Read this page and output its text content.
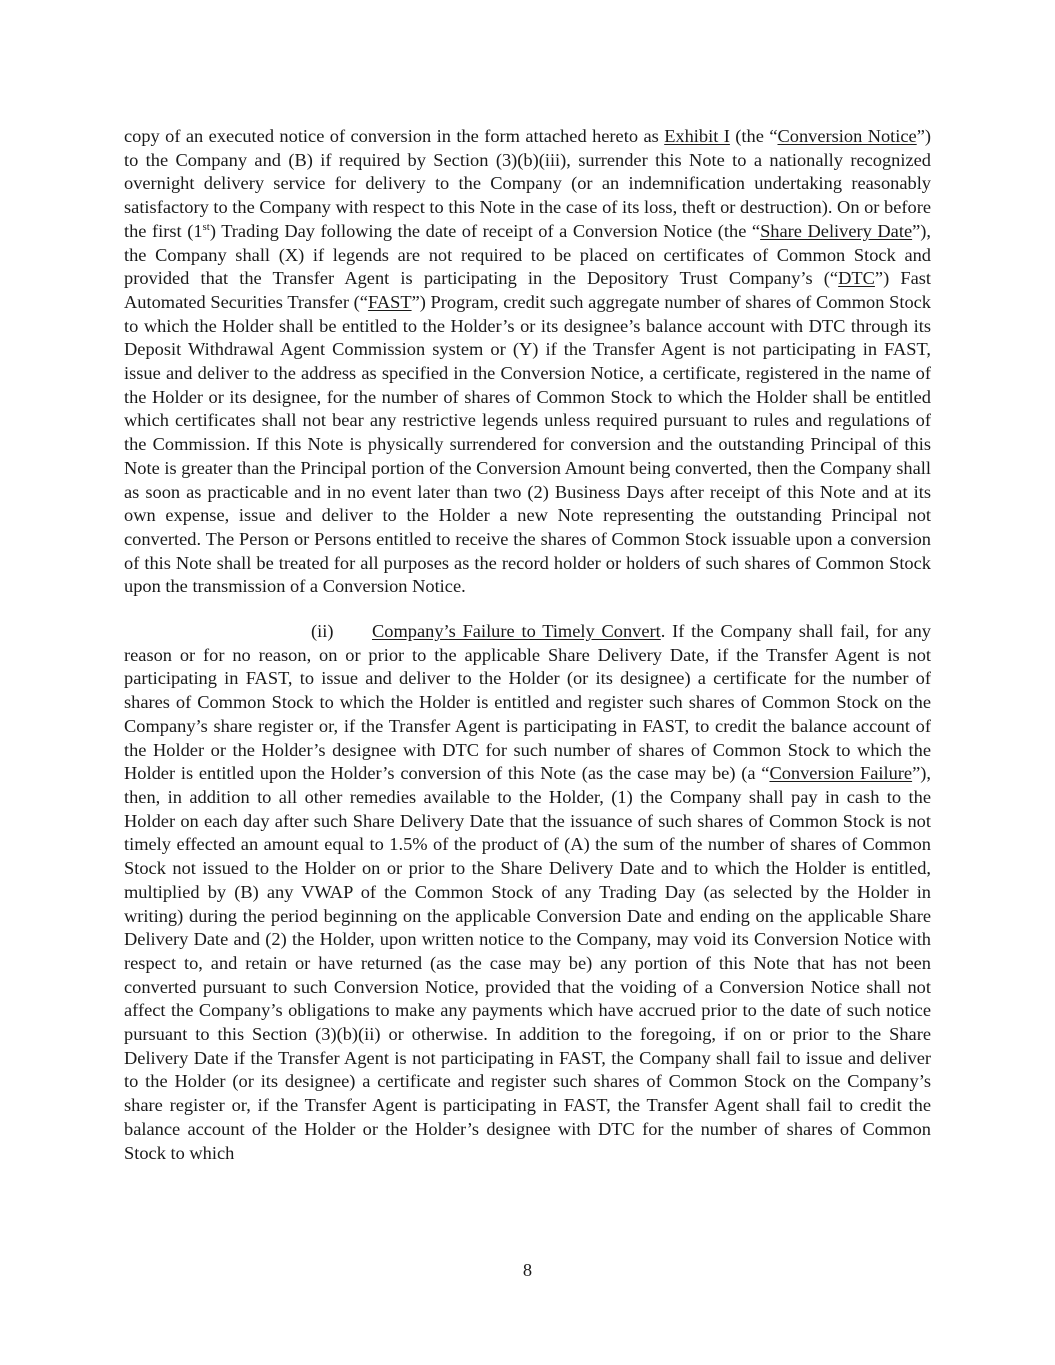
copy of an executed notice of conversion in the form attached hereto as Exhibit I (the “Conversion Notice”) to the Company and (B) if required by Section (3)(b)(iii), surrender this Note to a nationally recognized overnight delivery service for delivery to the Company (or an indemnification undertaking reasonably satisfactory to the Company with respect to this Note in the case of its loss, theft or destruction). On or before the first (1st) Trading Day following the date of receipt of a Conversion Notice (the “Share Delivery Date”), the Company shall (X) if legends are not required to be placed on certificates of Common Stock and provided that the Transfer Agent is participating in the Depository Trust Company’s (“DTC”) Fast Automated Securities Transfer (“FAST”) Program, credit such aggregate number of shares of Common Stock to which the Holder shall be entitled to the Holder’s or its designee’s balance account with DTC through its Deposit Withdrawal Agent Commission system or (Y) if the Transfer Agent is not participating in FAST, issue and deliver to the address as specified in the Conversion Notice, a certificate, registered in the name of the Holder or its designee, for the number of shares of Common Stock to which the Holder shall be entitled which certificates shall not bear any restrictive legends unless required pursuant to rules and regulations of the Commission. If this Note is physically surrendered for conversion and the outstanding Principal of this Note is greater than the Principal portion of the Conversion Amount being converted, then the Company shall as soon as practicable and in no event later than two (2) Business Days after receipt of this Note and at its own expense, issue and deliver to the Holder a new Note representing the outstanding Principal not converted. The Person or Persons entitled to receive the shares of Common Stock issuable upon a conversion of this Note shall be treated for all purposes as the record holder or holders of such shares of Common Stock upon the transmission of a Conversion Notice.

(ii) Company’s Failure to Timely Convert. If the Company shall fail, for any reason or for no reason, on or prior to the applicable Share Delivery Date, if the Transfer Agent is not participating in FAST, to issue and deliver to the Holder (or its designee) a certificate for the number of shares of Common Stock to which the Holder is entitled and register such shares of Common Stock on the Company’s share register or, if the Transfer Agent is participating in FAST, to credit the balance account of the Holder or the Holder’s designee with DTC for such number of shares of Common Stock to which the Holder is entitled upon the Holder’s conversion of this Note (as the case may be) (a “Conversion Failure”), then, in addition to all other remedies available to the Holder, (1) the Company shall pay in cash to the Holder on each day after such Share Delivery Date that the issuance of such shares of Common Stock is not timely effected an amount equal to 1.5% of the product of (A) the sum of the number of shares of Common Stock not issued to the Holder on or prior to the Share Delivery Date and to which the Holder is entitled, multiplied by (B) any VWAP of the Common Stock of any Trading Day (as selected by the Holder in writing) during the period beginning on the applicable Conversion Date and ending on the applicable Share Delivery Date and (2) the Holder, upon written notice to the Company, may void its Conversion Notice with respect to, and retain or have returned (as the case may be) any portion of this Note that has not been converted pursuant to such Conversion Notice, provided that the voiding of a Conversion Notice shall not affect the Company’s obligations to make any payments which have accrued prior to the date of such notice pursuant to this Section (3)(b)(ii) or otherwise. In addition to the foregoing, if on or prior to the Share Delivery Date if the Transfer Agent is not participating in FAST, the Company shall fail to issue and deliver to the Holder (or its designee) a certificate and register such shares of Common Stock on the Company’s share register or, if the Transfer Agent is participating in FAST, the Transfer Agent shall fail to credit the balance account of the Holder or the Holder’s designee with DTC for the number of shares of Common Stock to which

8
